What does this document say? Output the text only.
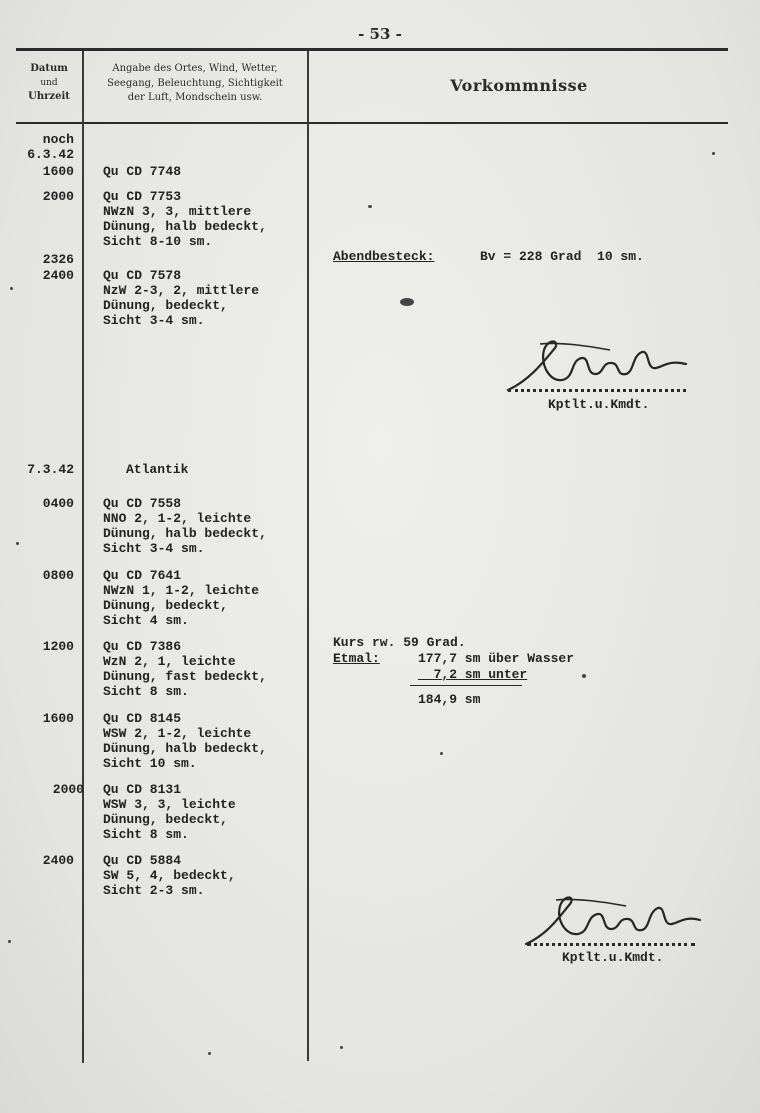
- 53 -
Datum
und
Uhrzeit
Angabe des Ortes, Wind, Wetter,
Seegang, Beleuchtung, Sichtigkeit
der Luft, Mondschein usw.
Vorkommnisse
noch
6.3.42
1600
2000
2326
2400
7.3.42
0400
0800
1200
1600
2000
2400
Qu CD 7748
Qu CD 7753
NWzN 3, 3, mittlere
Dünung, halb bedeckt,
Sicht 8-10 sm.
Qu CD 7578
NzW 2-3, 2, mittlere
Dünung, bedeckt,
Sicht 3-4 sm.
Atlantik
Qu CD 7558
NNO 2, 1-2, leichte
Dünung, halb bedeckt,
Sicht 3-4 sm.
Qu CD 7641
NWzN 1, 1-2, leichte
Dünung, bedeckt,
Sicht 4 sm.
Qu CD 7386
WzN 2, 1, leichte
Dünung, fast bedeckt,
Sicht 8 sm.
Qu CD 8145
WSW 2, 1-2, leichte
Dünung, halb bedeckt,
Sicht 10 sm.
Qu CD 8131
WSW 3, 3, leichte
Dünung, bedeckt,
Sicht 8 sm.
Qu CD 5884
SW 5, 4, bedeckt,
Sicht 2-3 sm.
Abendbesteck:	Bv = 228 Grad  10 sm.
Kptlt.u.Kmdt.
Kurs rw. 59 Grad.
Etmal:	177,7 sm über Wasser
7,2 sm unter
184,9 sm
Kptlt.u.Kmdt.
